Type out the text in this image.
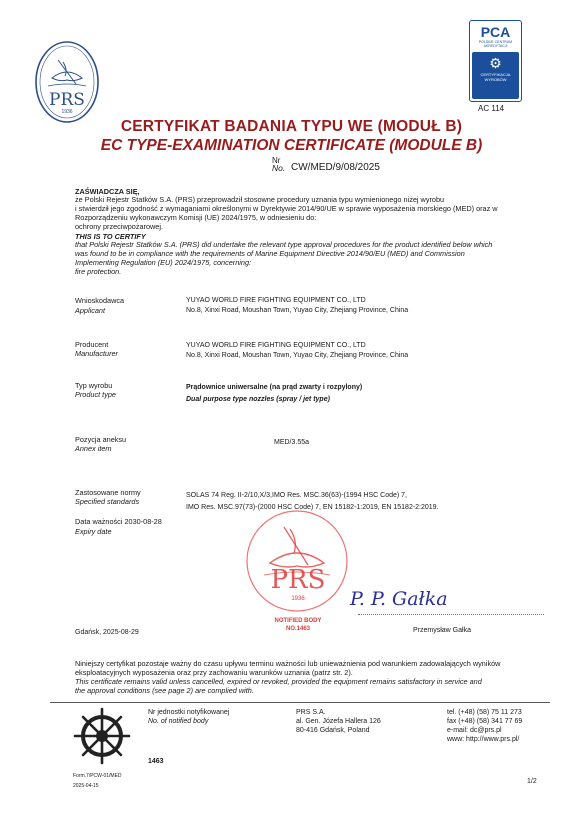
PRS
1936
PCA
POLSKIE CENTRUM
AKREDYTACJI
⚙
CERTYFIKACJA
WYROBÓW
AC 114
CERTYFIKAT BADANIA TYPU WE (MODUŁ B)
EC TYPE-EXAMINATION CERTIFICATE (MODULE B)
Nr
No. CW/MED/9/08/2025
ZAŚWIADCZA SIĘ,
że Polski Rejestr Statków S.A. (PRS) przeprowadził stosowne procedury uznania typu wymienionego niżej wyrobu
i stwierdził jego zgodność z wymaganiami określonymi w Dyrektywie 2014/90/UE w sprawie wyposażenia morskiego (MED) oraz w
Rozporządzeniu wykonawczym Komisji (UE) 2024/1975, w odniesieniu do:
ochrony przeciwpożarowej.
THIS IS TO CERTIFY
that Polski Rejestr Statków S.A. (PRS) did undertake the relevant type approval procedures for the product identified below which
was found to be in compliance with the requirements of Marine Equipment Directive 2014/90/EU (MED) and Commission
Implementing Regulation (EU) 2024/1975, concerning:
fire protection.
Wnioskodawca
Applicant
YUYAO WORLD FIRE FIGHTING EQUIPMENT CO., LTD
No.8, Xinxi Road, Moushan Town, Yuyao City, Zhejiang Province, China
Producent
Manufacturer
YUYAO WORLD FIRE FIGHTING EQUIPMENT CO., LTD
No.8, Xinxi Road, Moushan Town, Yuyao City, Zhejiang Province, China
Typ wyrobu
Product type
Prądownice uniwersalne (na prąd zwarty i rozpylony)
Dual purpose type nozzles (spray / jet type)
Pozycja aneksu
Annex item
MED/3.55a
Zastosowane normy
Specified standards
SOLAS 74 Reg. II-2/10,X/3,IMO Res. MSC.36(63)-(1994 HSC Code) 7,
IMO Res. MSC.97(73)-(2000 HSC Code) 7, EN 15182-1:2019, EN 15182-2:2019.
Data ważności 2030-08-28
Expiry date
PRS
1936
NOTIFIED BODY
NO.1463
P. P. Gałka
Gdańsk, 2025-08-29	Przemysław Gałka
Niniejszy certyfikat pozostaje ważny do czasu upływu terminu ważności lub unieważnienia pod warunkiem zadowalających wyników
eksploatacyjnych wyposażenia oraz przy zachowaniu warunków uznania (patrz str. 2).
This certificate remains valid unless cancelled, expired or revoked, provided the equipment remains satisfactory in service and
the approval conditions (see page 2) are complied with.
Nr jednostki notyfikowanej
No. of notified body
1463
PRS S.A.
al. Gen. Józefa Hallera 126
80-416 Gdańsk, Poland
tel. (+48) (58) 75 11 273
fax (+48) (58) 341 77 69
e-mail: dc@prs.pl
www: http://www.prs.pl/
Form.7/PCW-01/MED
2025-04-15
1/2
